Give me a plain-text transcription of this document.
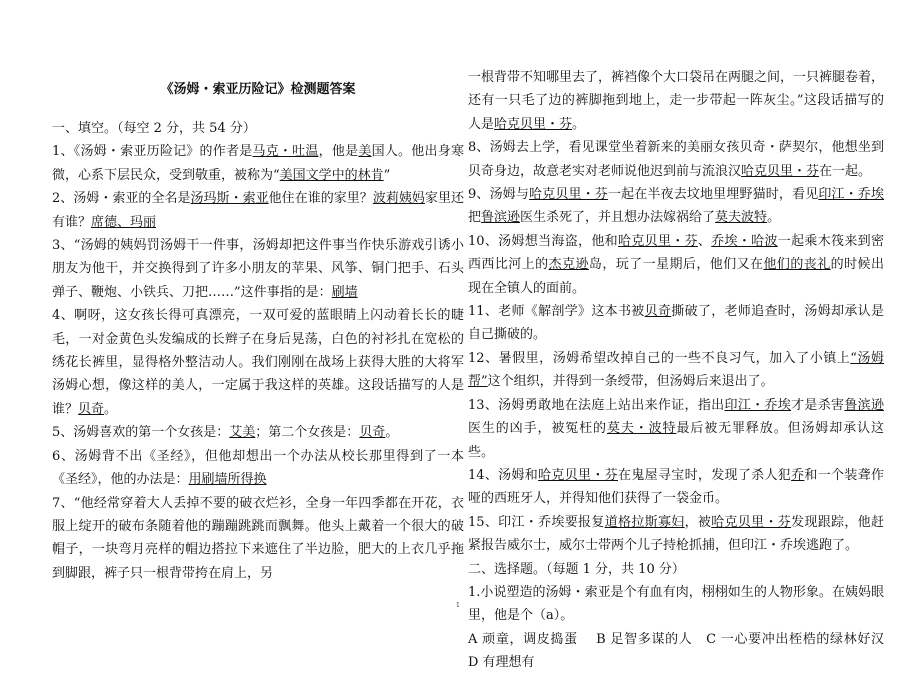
《汤姆・索亚历险记》检测题答案

一、填空。（每空 2 分，共 54 分）

1、《汤姆・索亚历险记》的作者是马克・吐温，他是美国人。他出身寒微，心系下层民众，受到敬重，被称为“美国文学中的林肯”

2、汤姆・索亚的全名是汤玛斯・索亚他住在谁的家里？波莉姨妈家里还有谁？席德、玛丽

3、“汤姆的姨妈罚汤姆干一件事，汤姆却把这件事当作快乐游戏引诱小朋友为他干，并交换得到了许多小朋友的苹果、风筝、铜门把手、石头弹子、鞭炮、小铁兵、刀把……”这件事指的是：刷墙

4、啊呀，这女孩长得可真漂亮，一双可爱的蓝眼睛上闪动着长长的睫毛，一对金黄色头发编成的长辫子在身后晃荡，白色的衬衫扎在宽松的绣花长裤里，显得格外整洁动人。我们刚刚在战场上获得大胜的大将军汤姆心想，像这样的美人，一定属于我这样的英雄。这段话描写的人是谁？贝奇。

5、汤姆喜欢的第一个女孩是：艾美；第二个女孩是：贝奇。

6、汤姆背不出《圣经》，但他却想出一个办法从校长那里得到了一本《圣经》，他的办法是：用刷墙所得换

7、“他经常穿着大人丢掉不要的破衣烂衫，全身一年四季都在开花，衣服上绽开的破布条随着他的蹦蹦跳跳而飘舞。他头上戴着一个很大的破帽子，一块弯月亮样的帽边搭拉下来遮住了半边脸，肥大的上衣几乎拖到脚跟，裤子只一根背带挎在肩上，另

一根背带不知哪里去了，裤裆像个大口袋吊在两腿之间，一只裤腿卷着，还有一只毛了边的裤脚拖到地上，走一步带起一阵灰尘。”这段话描写的人是哈克贝里・芬。

8、汤姆去上学，看见课堂坐着新来的美丽女孩贝奇・萨契尔，他想坐到贝奇身边，故意老实对老师说他迟到前与流浪汉哈克贝里・芬在一起。

9、汤姆与哈克贝里・芬一起在半夜去坟地里埋野猫时，看见印江・乔埃把鲁滨逊医生杀死了，并且想办法嫁祸给了莫夫波特。

10、汤姆想当海盗，他和哈克贝里・芬、乔埃・哈波一起乘木筏来到密西西比河上的杰克逊岛，玩了一星期后，他们又在他们的丧礼的时候出现在全镇人的面前。

11、老师《解剖学》这本书被贝奇撕破了，老师追查时，汤姆却承认是自己撕破的。

12、暑假里，汤姆希望改掉自己的一些不良习气，加入了小镇上“汤姆帮”这个组织，并得到一条绶带，但汤姆后来退出了。

13、汤姆勇敢地在法庭上站出来作证，指出印江・乔埃才是杀害鲁滨逊医生的凶手，被冤枉的莫夫・波特最后被无罪释放。但汤姆却承认这些。

14、汤姆和哈克贝里・芬在鬼屋寻宝时，发现了杀人犯乔和一个装聋作哑的西班牙人，并得知他们获得了一袋金币。

15、印江・乔埃要报复道格拉斯寡妇，被哈克贝里・芬发现跟踪，他赶紧报告威尔士，威尔士带两个儿子持枪抓捕，但印江・乔埃逃跑了。

二、选择题。（每题 1 分，共 10 分）

1.小说塑造的汤姆・索亚是个有血有肉，栩栩如生的人物形象。在姨妈眼里，他是个（a）。

A 顽童，调皮捣蛋　 B 足智多谋的人　C 一心要冲出桎梏的绿林好汉　D 有理想有

1
